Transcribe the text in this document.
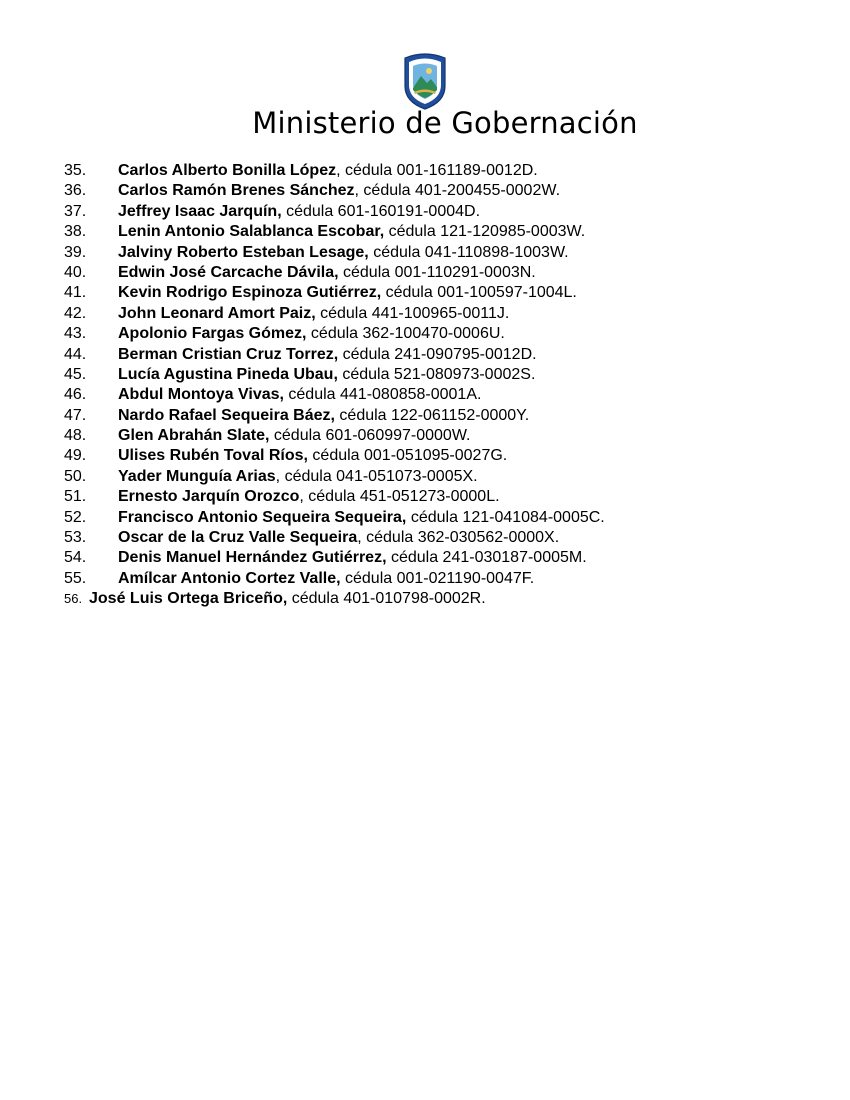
Ministerio de Gobernación
35. Carlos Alberto Bonilla López, cédula 001-161189-0012D.
36. Carlos Ramón Brenes Sánchez, cédula 401-200455-0002W.
37. Jeffrey Isaac Jarquín, cédula 601-160191-0004D.
38. Lenin Antonio Salablanca Escobar, cédula 121-120985-0003W.
39. Jalviny Roberto Esteban Lesage, cédula 041-110898-1003W.
40. Edwin José Carcache Dávila, cédula 001-110291-0003N.
41. Kevin Rodrigo Espinoza Gutiérrez, cédula 001-100597-1004L.
42. John Leonard Amort Paiz, cédula 441-100965-0011J.
43. Apolonio Fargas Gómez, cédula 362-100470-0006U.
44. Berman Cristian Cruz Torrez, cédula 241-090795-0012D.
45. Lucía Agustina Pineda Ubau, cédula 521-080973-0002S.
46. Abdul Montoya Vivas, cédula 441-080858-0001A.
47. Nardo Rafael Sequeira Báez, cédula 122-061152-0000Y.
48. Glen Abrahán Slate, cédula 601-060997-0000W.
49. Ulises Rubén Toval Ríos, cédula 001-051095-0027G.
50. Yader Munguía Arias, cédula 041-051073-0005X.
51. Ernesto Jarquín Orozco, cédula 451-051273-0000L.
52. Francisco Antonio Sequeira Sequeira, cédula 121-041084-0005C.
53. Oscar de la Cruz Valle Sequeira, cédula 362-030562-0000X.
54. Denis Manuel Hernández Gutiérrez, cédula 241-030187-0005M.
55. Amílcar Antonio Cortez Valle, cédula 001-021190-0047F.
56. José Luis Ortega Briceño, cédula 401-010798-0002R.
